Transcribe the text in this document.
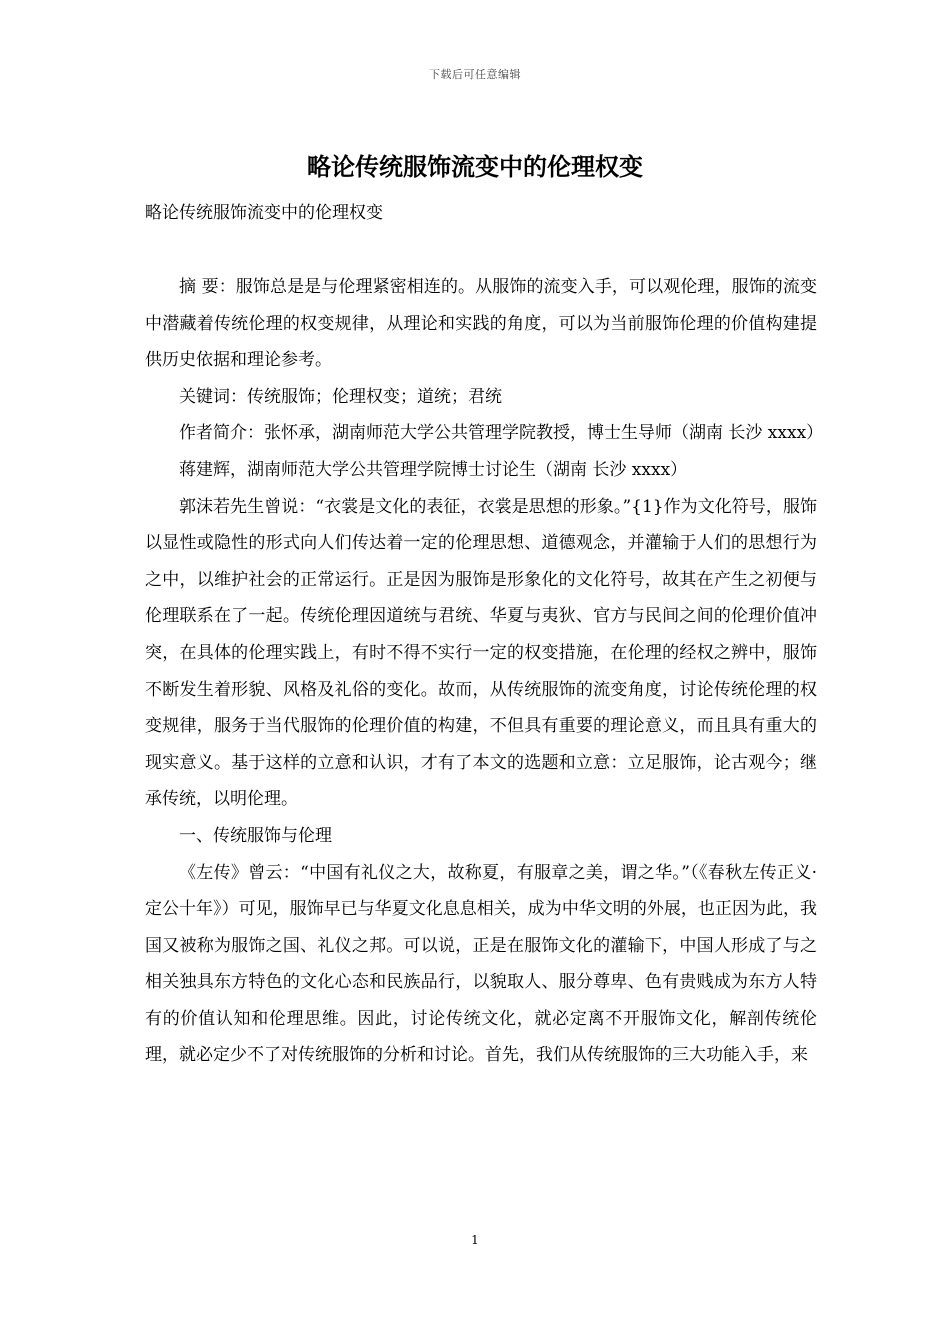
下载后可任意编辑
略论传统服饰流变中的伦理权变

略论传统服饰流变中的伦理权变

摘 要：服饰总是是与伦理紧密相连的。从服饰的流变入手，可以观伦理，服饰的流变中潜藏着传统伦理的权变规律，从理论和实践的角度，可以为当前服饰伦理的价值构建提供历史依据和理论参考。

关键词：传统服饰；伦理权变；道统；君统

作者简介：张怀承，湖南师范大学公共管理学院教授，博士生导师（湖南 长沙 xxxx）

蒋建辉，湖南师范大学公共管理学院博士讨论生（湖南 长沙 xxxx）

郭沫若先生曾说：“衣裳是文化的表征，衣裳是思想的形象。”{1}作为文化符号，服饰以显性或隐性的形式向人们传达着一定的伦理思想、道德观念，并灌输于人们的思想行为之中，以维护社会的正常运行。正是因为服饰是形象化的文化符号，故其在产生之初便与伦理联系在了一起。传统伦理因道统与君统、华夏与夷狄、官方与民间之间的伦理价值冲突，在具体的伦理实践上，有时不得不实行一定的权变措施，在伦理的经权之辨中，服饰不断发生着形貌、风格及礼俗的变化。故而，从传统服饰的流变角度，讨论传统伦理的权变规律，服务于当代服饰的伦理价值的构建，不但具有重要的理论意义，而且具有重大的现实意义。基于这样的立意和认识，才有了本文的选题和立意：立足服饰，论古观今；继承传统，以明伦理。

一、传统服饰与伦理

《左传》曾云：“中国有礼仪之大，故称夏，有服章之美，谓之华。”（《春秋左传正义·定公十年》）可见，服饰早已与华夏文化息息相关，成为中华文明的外展，也正因为此，我国又被称为服饰之国、礼仪之邦。可以说，正是在服饰文化的灌输下，中国人形成了与之相关独具东方特色的文化心态和民族品行，以貌取人、服分尊卑、色有贵贱成为东方人特有的价值认知和伦理思维。因此，讨论传统文化，就必定离不开服饰文化，解剖传统伦理，就必定少不了对传统服饰的分析和讨论。首先，我们从传统服饰的三大功能入手，来

1
